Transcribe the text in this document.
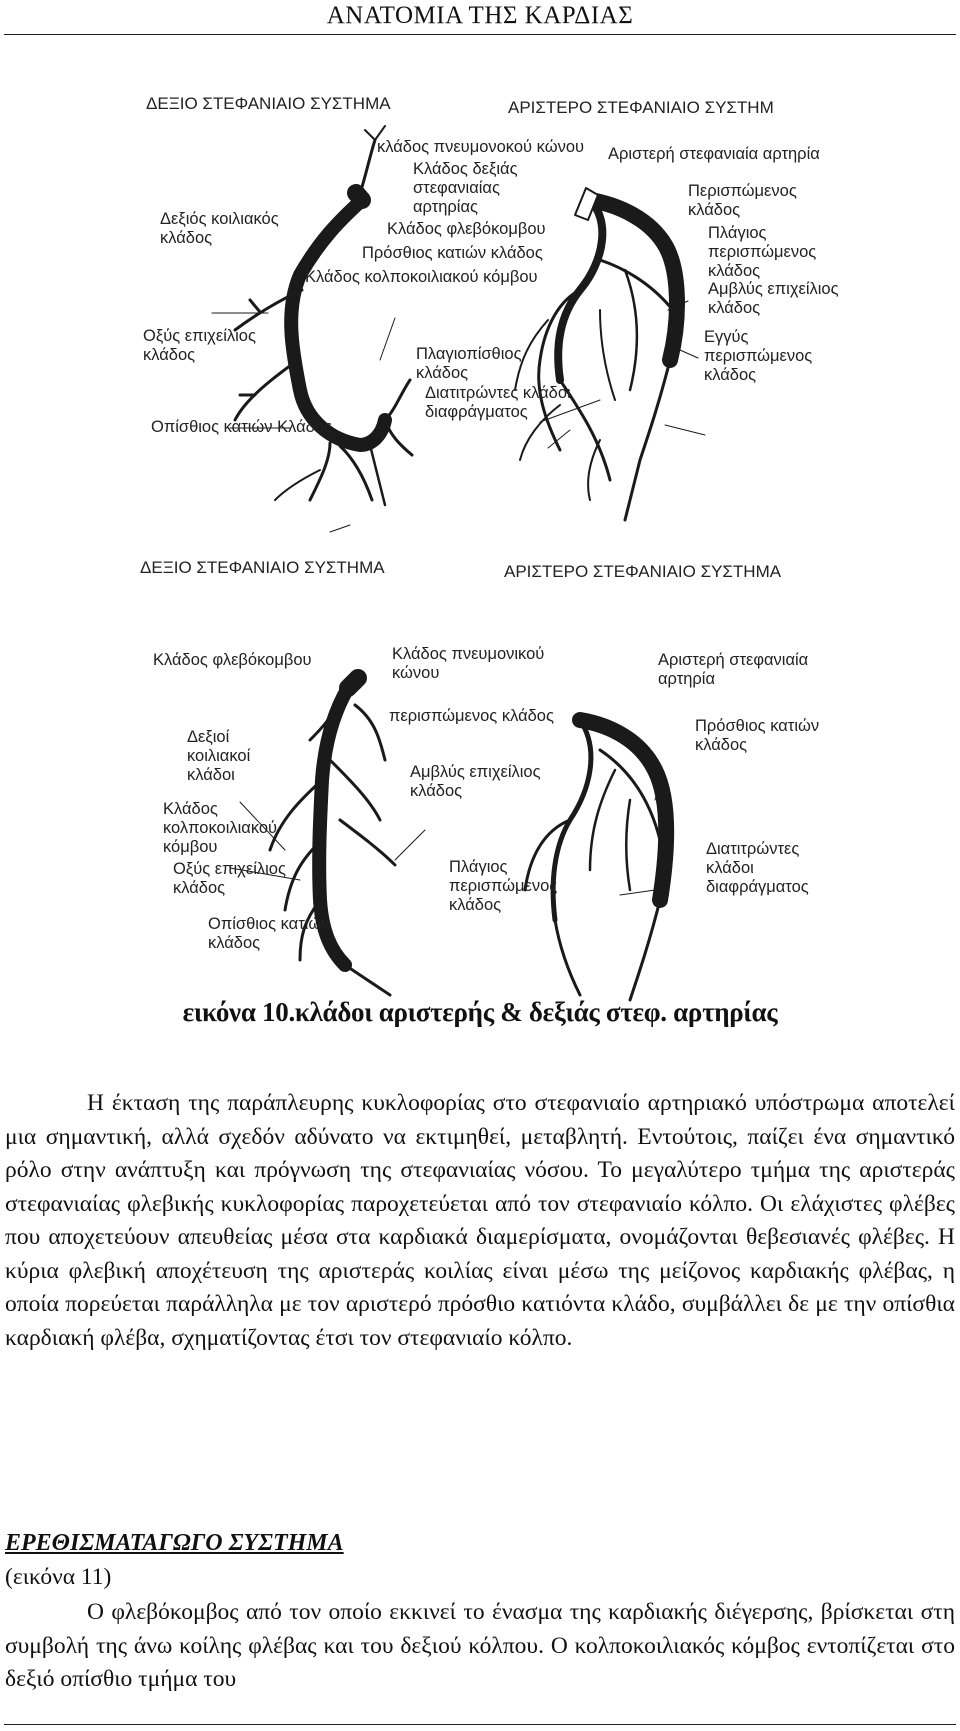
ΑΝΑΤΟΜΙΑ ΤΗΣ ΚΑΡΔΙΑΣ
ΔΕΞΙΟ ΣΤΕΦΑΝΙΑΙΟ ΣΥΣΤΗΜΑ	ΑΡΙΣΤΕΡΟ ΣΤΕΦΑΝΙΑΙΟ ΣΥΣΤΗΜ
κλάδος πνευμονοκού κώνου
Κλάδος δεξιάς
στεφανιαίας
αρτηρίας
Κλάδος φλεβόκομβου
Πρόσθιος κατιών κλάδος
Κλάδος κολποκοιλιακού κόμβου
Δεξιός κοιλιακός
κλάδος
Οξύς επιχείλιος
κλάδος
Οπίσθιος κατιών Κλάδος
Πλαγιοπίσθιος
κλάδος
Διατιτρώντες κλάδοι
διαφράγματος
Αριστερή στεφανιαία αρτηρία
Περισπώμενος
κλάδος
Πλάγιος
περισπώμενος
κλάδος
Αμβλύς επιχείλιος
κλάδος
Εγγύς
περισπώμενος
κλάδος
ΔΕΞΙΟ ΣΤΕΦΑΝΙΑΙΟ ΣΥΣΤΗΜΑ	ΑΡΙΣΤΕΡΟ ΣΤΕΦΑΝΙΑΙΟ ΣΥΣΤΗΜΑ
Κλάδος φλεβόκομβου	Κλάδος πνευμονικού
κώνου
περισπώμενος κλάδος
Δεξιοί
κοιλιακοί
κλάδοι	Αμβλύς επιχείλιος
κλάδος
Κλάδος
κολποκοιλιακού
κόμβου
Οξύς επιχείλιος
κλάδος
Οπίσθιος κατιών
κλάδος
Πλάγιος
περισπώμενος
κλάδος
Αριστερή στεφανιαία
αρτηρία
Πρόσθιος κατιών
κλάδος
Διατιτρώντες
κλάδοι
διαφράγματος
εικόνα 10.κλάδοι αριστερής & δεξιάς στεφ. αρτηρίας
Η έκταση της παράπλευρης κυκλοφορίας στο στεφανιαίο αρτηριακό υπόστρωμα αποτελεί μια σημαντική, αλλά σχεδόν αδύνατο να εκτιμηθεί, μεταβλητή. Εντούτοις, παίζει ένα σημαντικό ρόλο στην ανάπτυξη και πρόγνωση της στεφανιαίας νόσου. Το μεγαλύτερο τμήμα της αριστεράς στεφανιαίας φλεβικής κυκλοφορίας παροχετεύεται από τον στεφανιαίο κόλπο. Οι ελάχιστες φλέβες που αποχετεύουν απευθείας μέσα στα καρδιακά διαμερίσματα, ονομάζονται θεβεσιανές φλέβες. Η κύρια φλεβική αποχέτευση της αριστεράς κοιλίας είναι μέσω της μείζονος καρδιακής φλέβας, η οποία πορεύεται παράλληλα με τον αριστερό πρόσθιο κατιόντα κλάδο, συμβάλλει δε με την οπίσθια καρδιακή φλέβα, σχηματίζοντας έτσι τον στεφανιαίο κόλπο.
ΕΡΕΘΙΣΜΑΤΑΓΩΓΟ ΣΥΣΤΗΜΑ
(εικόνα 11)
Ο φλεβόκομβος από τον οποίο εκκινεί το ένασμα της καρδιακής διέγερσης, βρίσκεται στη συμβολή της άνω κοίλης φλέβας και του δεξιού κόλπου. Ο κολποκοιλιακός κόμβος εντοπίζεται στο δεξιό οπίσθιο τμήμα του
